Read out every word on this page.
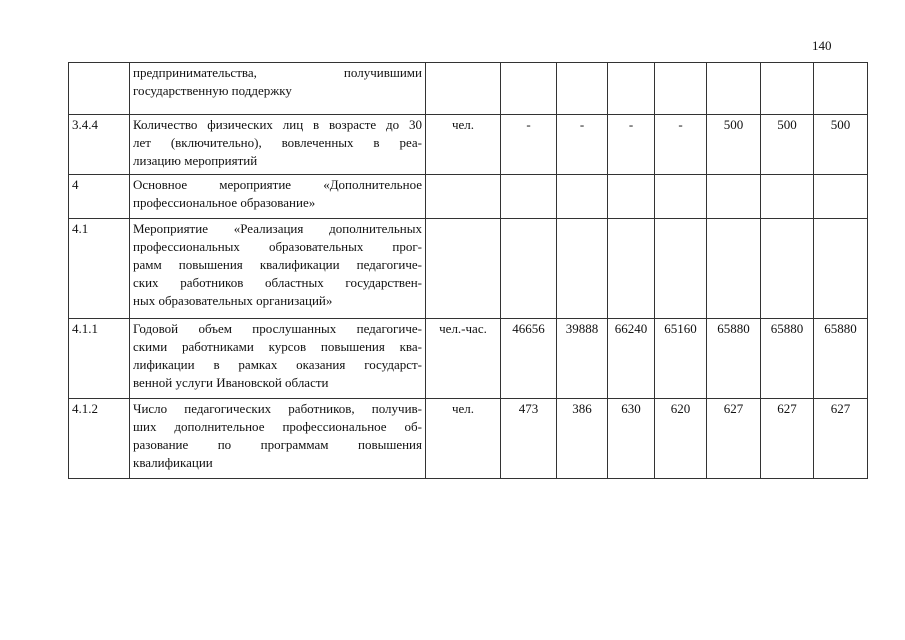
140

	предпринимательства, получившими
государственную поддержку								

3.4.4	Количество физических лиц в возрасте до 30
лет (включительно), вовлеченных в реа-
лизацию мероприятий	чел.	-	-	-	-	500	500	500
4	Основное мероприятие «Дополнительное
профессиональное образование»								

4.1	Мероприятие «Реализация дополнительных
профессиональных образовательных прог-
рамм повышения квалификации педагогиче-
ских работников областных государствен-
ных образовательных организаций»								

4.1.1	Годовой объем прослушанных педагогиче-
скими работниками курсов повышения ква-
лификации в рамках оказания государст-
венной услуги Ивановской области	чел.-час.	46656	39888	66240	65160	65880	65880	65880
4.1.2	Число педагогических работников, получив-
ших дополнительное профессиональное об-
разование по программам повышения
квалификации	чел.	473	386	630	620	627	627	627
